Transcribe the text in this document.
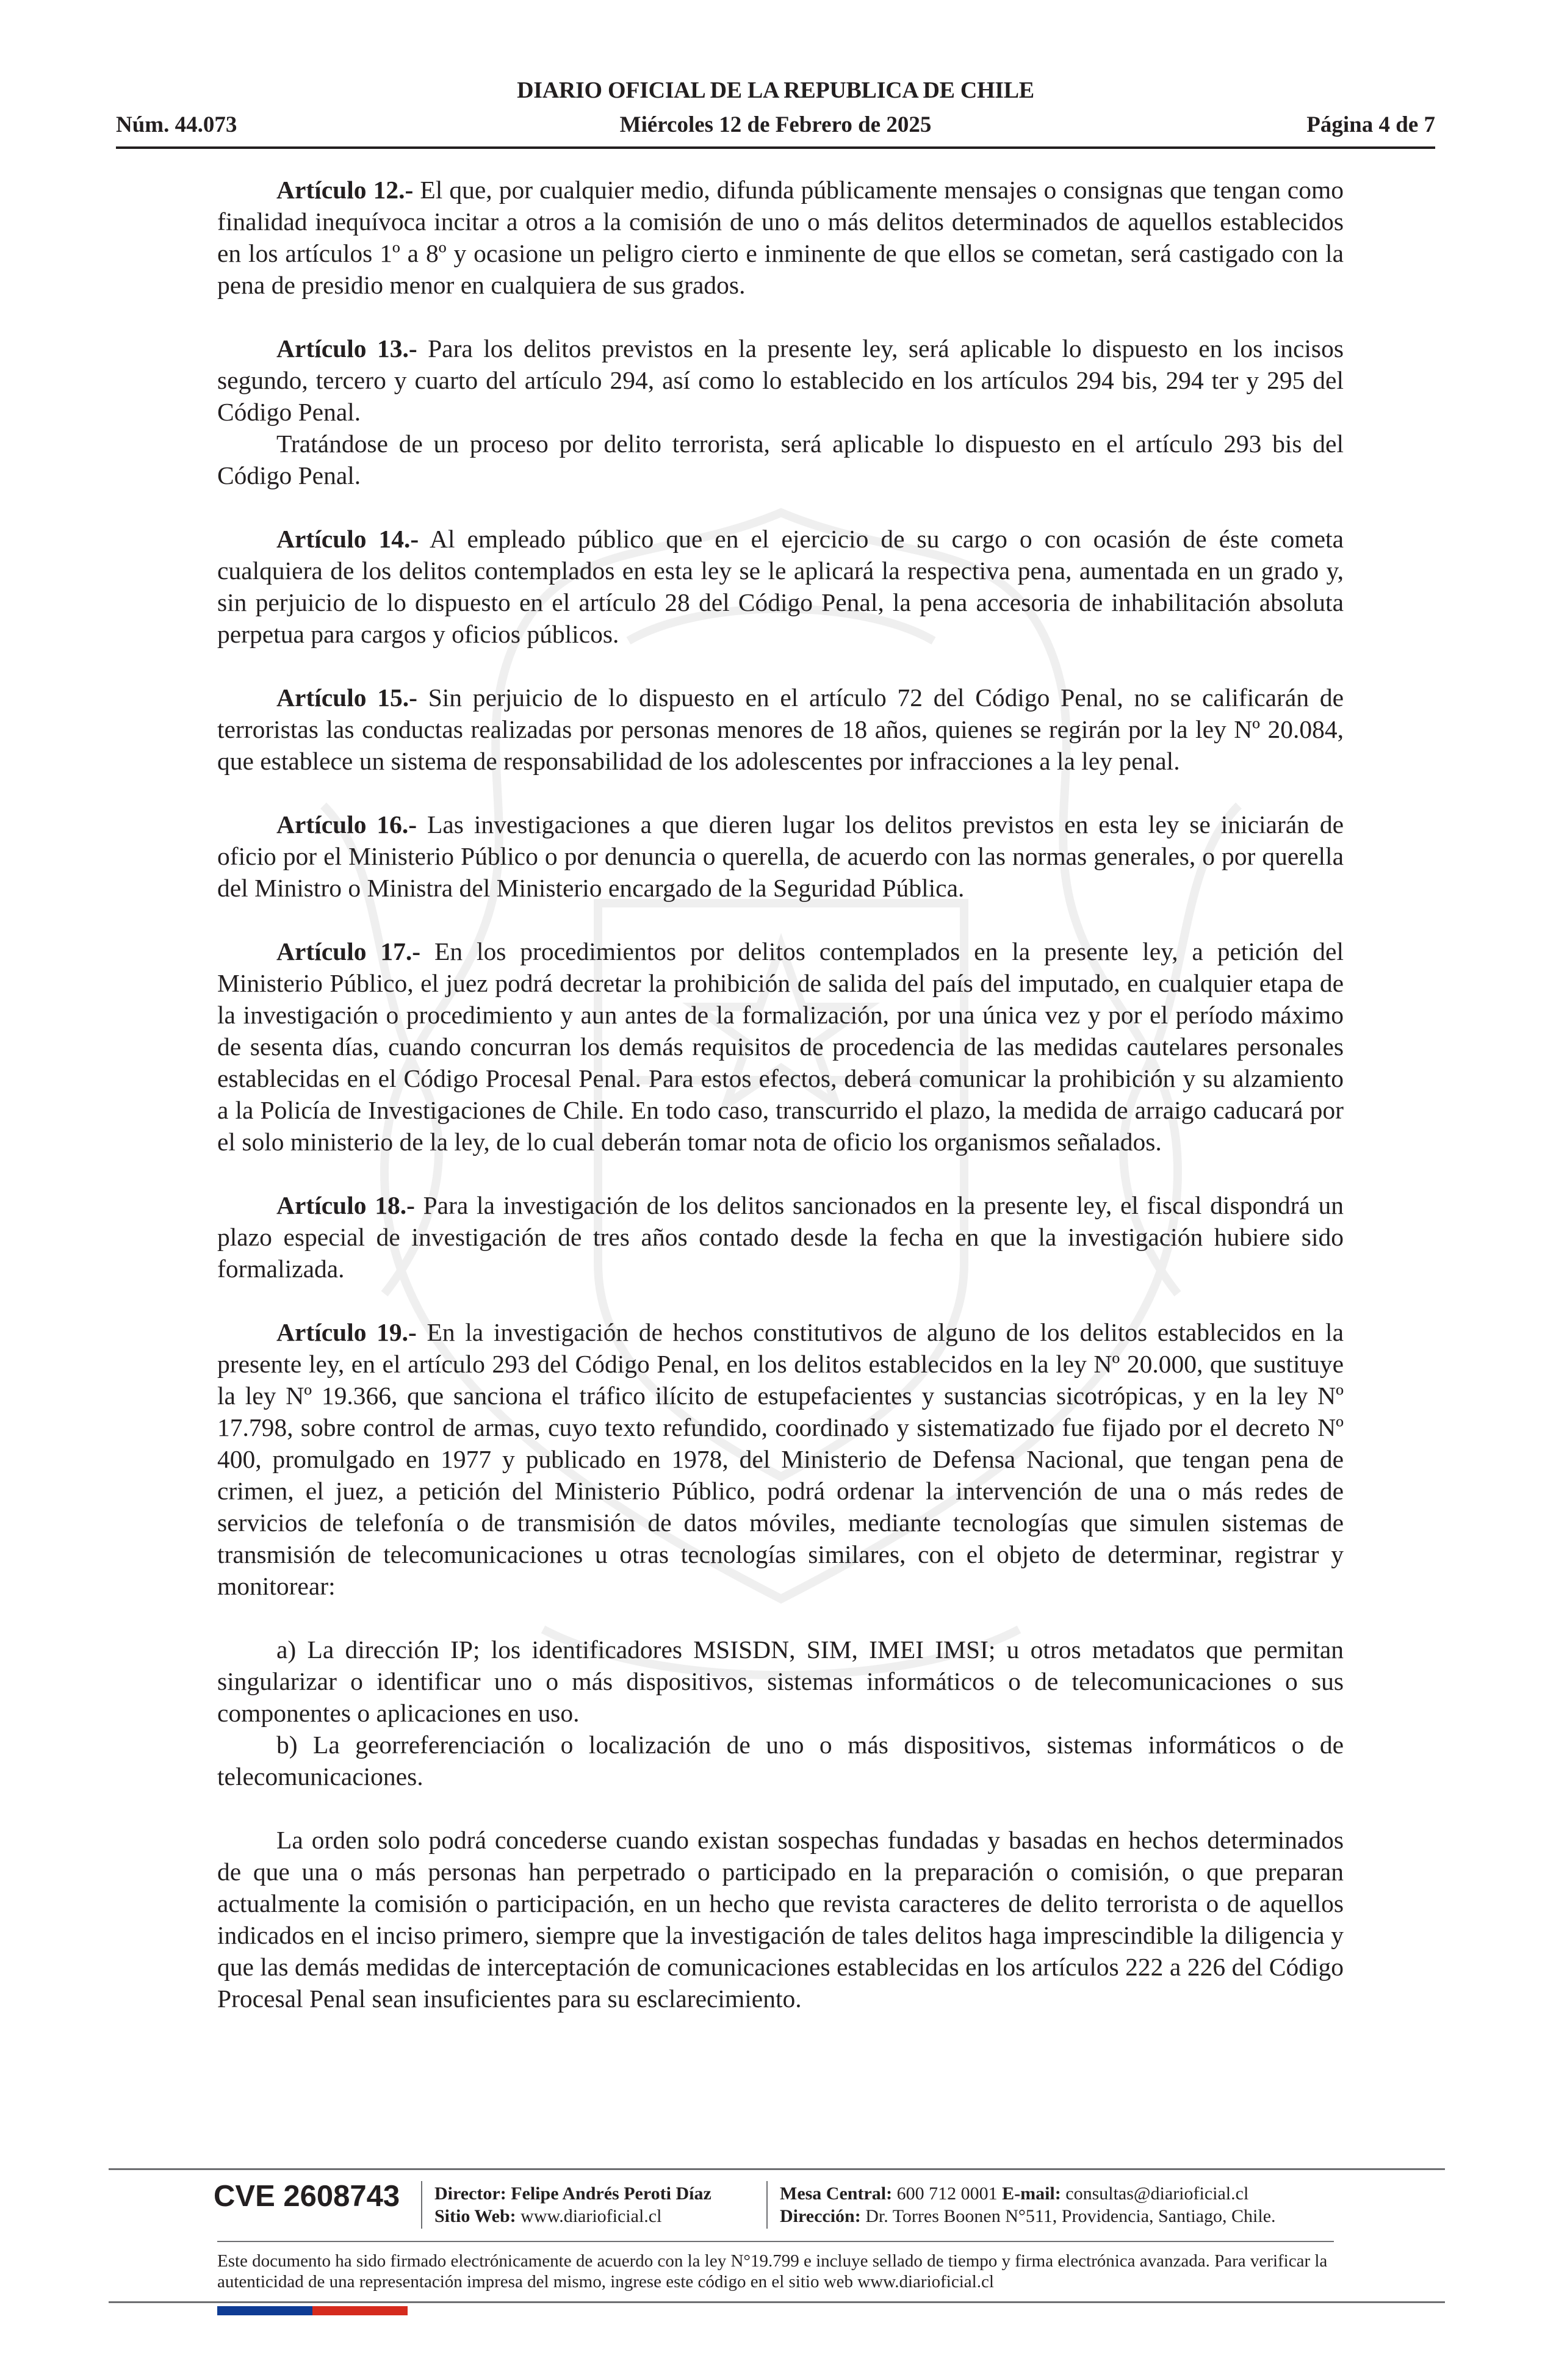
Núm. 44.073
DIARIO OFICIAL DE LA REPUBLICA DE CHILE
Miércoles 12 de Febrero de 2025	Página 4 de 7

Artículo 12.- El que, por cualquier medio, difunda públicamente mensajes o consignas que tengan como finalidad inequívoca incitar a otros a la comisión de uno o más delitos determinados de aquellos establecidos en los artículos 1º a 8º y ocasione un peligro cierto e inminente de que ellos se cometan, será castigado con la pena de presidio menor en cualquiera de sus grados.

Artículo 13.- Para los delitos previstos en la presente ley, será aplicable lo dispuesto en los incisos segundo, tercero y cuarto del artículo 294, así como lo establecido en los artículos 294 bis, 294 ter y 295 del Código Penal.

Tratándose de un proceso por delito terrorista, será aplicable lo dispuesto en el artículo 293 bis del Código Penal.

Artículo 14.- Al empleado público que en el ejercicio de su cargo o con ocasión de éste cometa cualquiera de los delitos contemplados en esta ley se le aplicará la respectiva pena, aumentada en un grado y, sin perjuicio de lo dispuesto en el artículo 28 del Código Penal, la pena accesoria de inhabilitación absoluta perpetua para cargos y oficios públicos.

Artículo 15.- Sin perjuicio de lo dispuesto en el artículo 72 del Código Penal, no se calificarán de terroristas las conductas realizadas por personas menores de 18 años, quienes se regirán por la ley Nº 20.084, que establece un sistema de responsabilidad de los adolescentes por infracciones a la ley penal.

Artículo 16.- Las investigaciones a que dieren lugar los delitos previstos en esta ley se iniciarán de oficio por el Ministerio Público o por denuncia o querella, de acuerdo con las normas generales, o por querella del Ministro o Ministra del Ministerio encargado de la Seguridad Pública.

Artículo 17.- En los procedimientos por delitos contemplados en la presente ley, a petición del Ministerio Público, el juez podrá decretar la prohibición de salida del país del imputado, en cualquier etapa de la investigación o procedimiento y aun antes de la formalización, por una única vez y por el período máximo de sesenta días, cuando concurran los demás requisitos de procedencia de las medidas cautelares personales establecidas en el Código Procesal Penal. Para estos efectos, deberá comunicar la prohibición y su alzamiento a la Policía de Investigaciones de Chile. En todo caso, transcurrido el plazo, la medida de arraigo caducará por el solo ministerio de la ley, de lo cual deberán tomar nota de oficio los organismos señalados.

Artículo 18.- Para la investigación de los delitos sancionados en la presente ley, el fiscal dispondrá un plazo especial de investigación de tres años contado desde la fecha en que la investigación hubiere sido formalizada.

Artículo 19.- En la investigación de hechos constitutivos de alguno de los delitos establecidos en la presente ley, en el artículo 293 del Código Penal, en los delitos establecidos en la ley Nº 20.000, que sustituye la ley Nº 19.366, que sanciona el tráfico ilícito de estupefacientes y sustancias sicotrópicas, y en la ley Nº 17.798, sobre control de armas, cuyo texto refundido, coordinado y sistematizado fue fijado por el decreto Nº 400, promulgado en 1977 y publicado en 1978, del Ministerio de Defensa Nacional, que tengan pena de crimen, el juez, a petición del Ministerio Público, podrá ordenar la intervención de una o más redes de servicios de telefonía o de transmisión de datos móviles, mediante tecnologías que simulen sistemas de transmisión de telecomunicaciones u otras tecnologías similares, con el objeto de determinar, registrar y monitorear:

a) La dirección IP; los identificadores MSISDN, SIM, IMEI IMSI; u otros metadatos que permitan singularizar o identificar uno o más dispositivos, sistemas informáticos o de telecomunicaciones o sus componentes o aplicaciones en uso.

b) La georreferenciación o localización de uno o más dispositivos, sistemas informáticos o de telecomunicaciones.

La orden solo podrá concederse cuando existan sospechas fundadas y basadas en hechos determinados de que una o más personas han perpetrado o participado en la preparación o comisión, o que preparan actualmente la comisión o participación, en un hecho que revista caracteres de delito terrorista o de aquellos indicados en el inciso primero, siempre que la investigación de tales delitos haga imprescindible la diligencia y que las demás medidas de interceptación de comunicaciones establecidas en los artículos 222 a 226 del Código Procesal Penal sean insuficientes para su esclarecimiento.

CVE 2608743 Director: Felipe Andrés Peroti Díaz
Sitio Web: www.diarioficial.cl
Mesa Central: 600 712 0001 E-mail: consultas@diarioficial.cl
Dirección: Dr. Torres Boonen N°511, Providencia, Santiago, Chile.
Este documento ha sido firmado electrónicamente de acuerdo con la ley N°19.799 e incluye sellado de tiempo y firma electrónica avanzada. Para verificar la autenticidad de una representación impresa del mismo, ingrese este código en el sitio web www.diarioficial.cl
